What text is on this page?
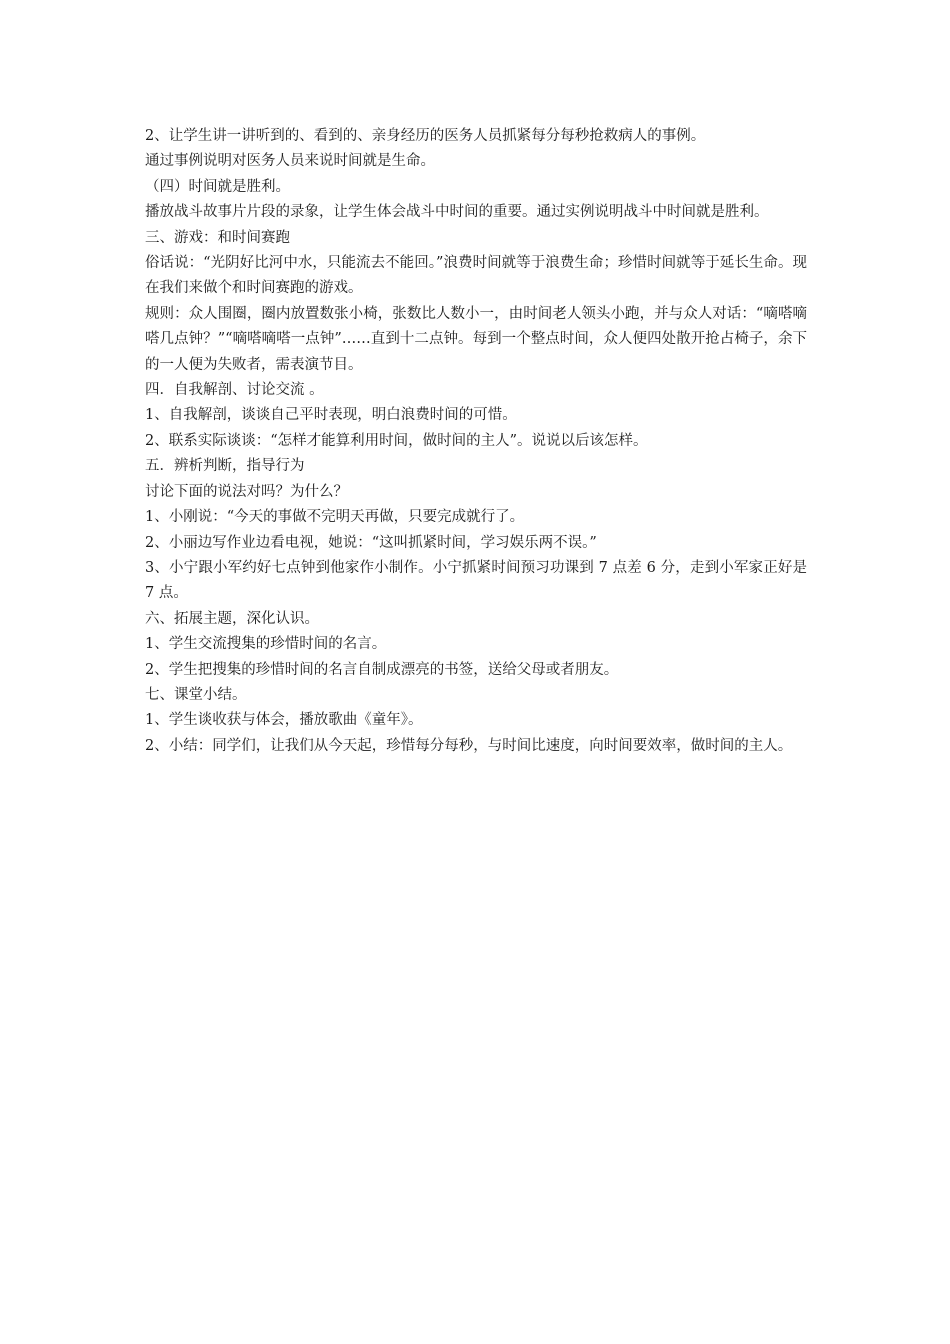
2、让学生讲一讲听到的、看到的、亲身经历的医务人员抓紧每分每秒抢救病人的事例。

通过事例说明对医务人员来说时间就是生命。

（四）时间就是胜利。

播放战斗故事片片段的录象，让学生体会战斗中时间的重要。通过实例说明战斗中时间就是胜利。

三、游戏：和时间赛跑

俗话说：“光阴好比河中水，只能流去不能回。”浪费时间就等于浪费生命；珍惜时间就等于延长生命。现在我们来做个和时间赛跑的游戏。

规则：众人围圈，圈内放置数张小椅，张数比人数小一，由时间老人领头小跑，并与众人对话：“嘀嗒嘀嗒几点钟？”“嘀嗒嘀嗒一点钟”……直到十二点钟。每到一个整点时间，众人便四处散开抢占椅子，余下的一人便为失败者，需表演节目。

四．自我解剖、讨论交流 。

1、自我解剖，谈谈自己平时表现，明白浪费时间的可惜。

2、联系实际谈谈：“怎样才能算利用时间，做时间的主人”。说说以后该怎样。

五．辨析判断，指导行为

讨论下面的说法对吗？为什么？

1、小刚说：“今天的事做不完明天再做，只要完成就行了。

2、小丽边写作业边看电视，她说：“这叫抓紧时间，学习娱乐两不误。”

3、小宁跟小军约好七点钟到他家作小制作。小宁抓紧时间预习功课到 7 点差 6 分，走到小军家正好是 7 点。

六、拓展主题，深化认识。

1、学生交流搜集的珍惜时间的名言。

2、学生把搜集的珍惜时间的名言自制成漂亮的书签，送给父母或者朋友。

七、课堂小结。

1、学生谈收获与体会，播放歌曲《童年》。

2、小结：同学们，让我们从今天起，珍惜每分每秒，与时间比速度，向时间要效率，做时间的主人。
